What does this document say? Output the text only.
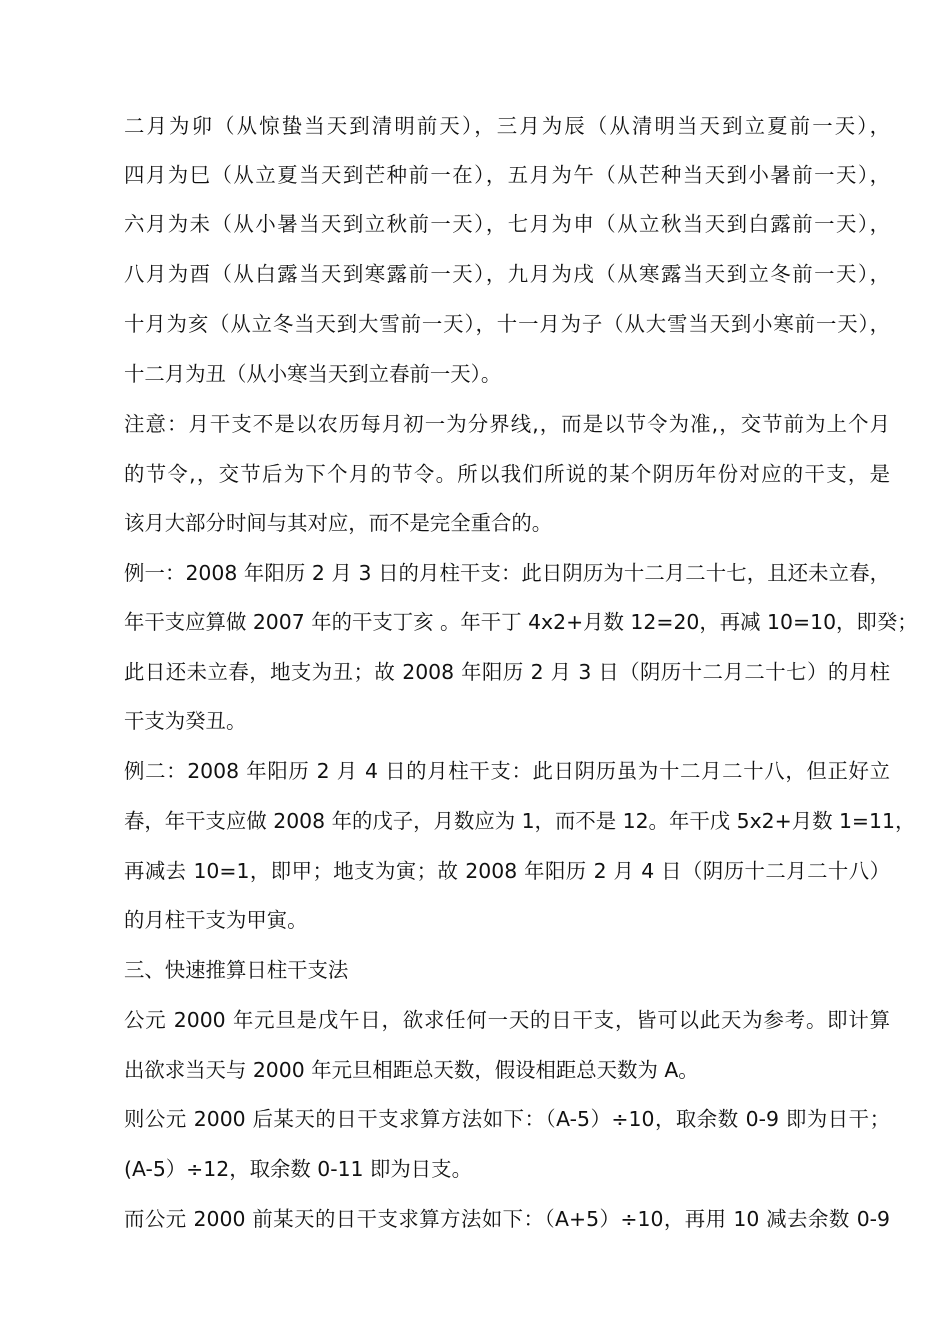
二月为卯（从惊蛰当天到清明前天），三月为辰（从清明当天到立夏前一天），
四月为巳（从立夏当天到芒种前一在），五月为午（从芒种当天到小暑前一天），
六月为未（从小暑当天到立秋前一天），七月为申（从立秋当天到白露前一天），
八月为酉（从白露当天到寒露前一天），九月为戌（从寒露当天到立冬前一天），
十月为亥（从立冬当天到大雪前一天），十一月为子（从大雪当天到小寒前一天），
十二月为丑（从小寒当天到立春前一天）。
注意：月干支不是以农历每月初一为分界线,，而是以节令为准,，交节前为上个月
的节令,，交节后为下个月的节令。所以我们所说的某个阴历年份对应的干支，是
该月大部分时间与其对应，而不是完全重合的。
例一：2008 年阳历 2 月 3 日的月柱干支：此日阴历为十二月二十七，且还未立春，
年干支应算做 2007 年的干支丁亥 。年干丁 4x2+月数 12=20，再减 10=10，即癸；
此日还未立春，地支为丑；故 2008 年阳历 2 月 3 日（阴历十二月二十七）的月柱
干支为癸丑。
例二：2008 年阳历 2 月 4 日的月柱干支：此日阴历虽为十二月二十八，但正好立
春，年干支应做 2008 年的戊子，月数应为 1，而不是 12。年干戊 5x2+月数 1=11，
再减去 10=1，即甲；地支为寅；故 2008 年阳历 2 月 4 日（阴历十二月二十八）
的月柱干支为甲寅。
三、快速推算日柱干支法
公元 2000 年元旦是戊午日，欲求任何一天的日干支，皆可以此天为参考。即计算
出欲求当天与 2000 年元旦相距总天数，假设相距总天数为 A。
则公元 2000 后某天的日干支求算方法如下：（A-5）÷10，取余数 0-9 即为日干；
(A-5）÷12，取余数 0-11 即为日支。
而公元 2000 前某天的日干支求算方法如下：（A+5）÷10，再用 10 减去余数 0-9
